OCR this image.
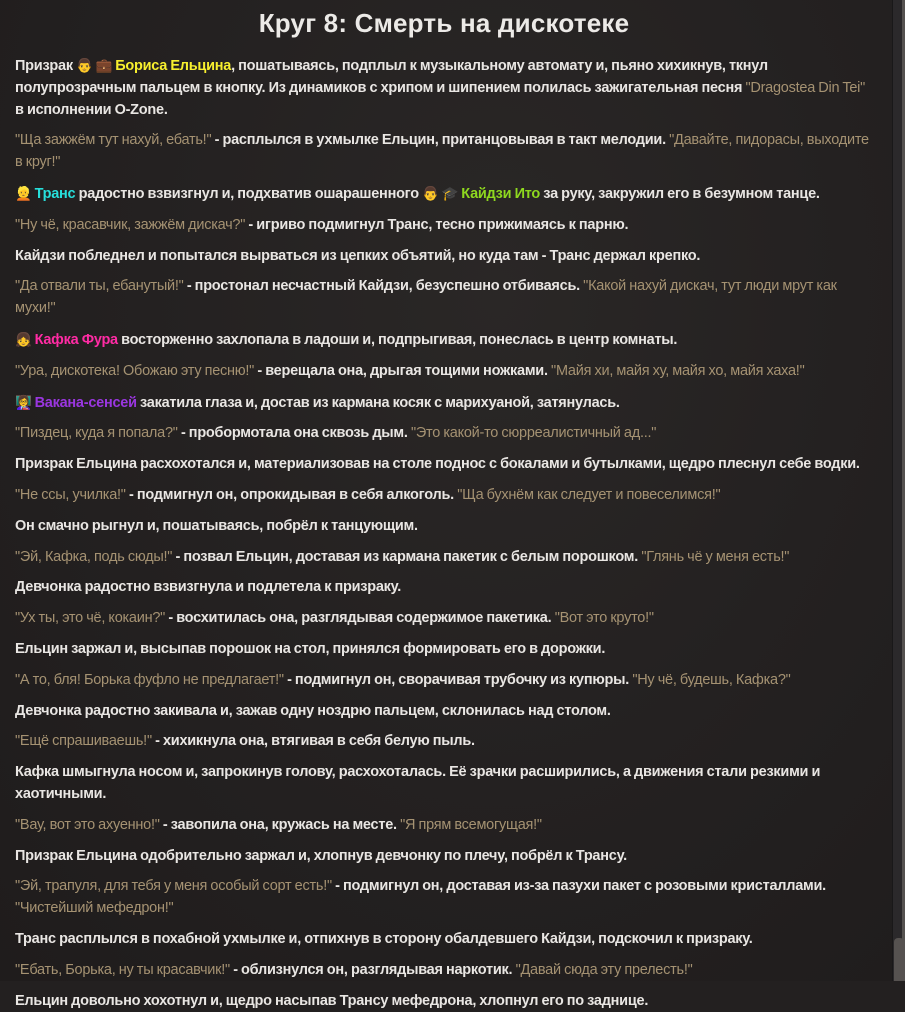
Круг 8: Смерть на дискотеке

Призрак 👨 💼 Бориса Ельцина, пошатываясь, подплыл к музыкальному автомату и, пьяно хихикнув, ткнул полупрозрачным пальцем в кнопку. Из динамиков с хрипом и шипением полилась зажигательная песня "Dragostea Din Tei" в исполнении O-Zone.

"Ща зажжём тут нахуй, ебать!" - расплылся в ухмылке Ельцин, пританцовывая в такт мелодии. "Давайте, пидорасы, выходите в круг!"

👱 Транс радостно взвизгнул и, подхватив ошарашенного 👨 🎓 Кайдзи Ито за руку, закружил его в безумном танце.

"Ну чё, красавчик, зажжём дискач?" - игриво подмигнул Транс, тесно прижимаясь к парню.

Кайдзи побледнел и попытался вырваться из цепких объятий, но куда там - Транс держал крепко.

"Да отвали ты, ебанутый!" - простонал несчастный Кайдзи, безуспешно отбиваясь. "Какой нахуй дискач, тут люди мрут как мухи!"

👧 Кафка Фура восторженно захлопала в ладоши и, подпрыгивая, понеслась в центр комнаты.

"Ура, дискотека! Обожаю эту песню!" - верещала она, дрыгая тощими ножками. "Майя хи, майя ху, майя хо, майя хаха!"

👩‍🏫 Вакана-сенсей закатила глаза и, достав из кармана косяк с марихуаной, затянулась.

"Пиздец, куда я попала?" - пробормотала она сквозь дым. "Это какой-то сюрреалистичный ад..."

Призрак Ельцина расхохотался и, материализовав на столе поднос с бокалами и бутылками, щедро плеснул себе водки.

"Не ссы, училка!" - подмигнул он, опрокидывая в себя алкоголь. "Ща бухнём как следует и повеселимся!"

Он смачно рыгнул и, пошатываясь, побрёл к танцующим.

"Эй, Кафка, подь сюды!" - позвал Ельцин, доставая из кармана пакетик с белым порошком. "Глянь чё у меня есть!"

Девчонка радостно взвизгнула и подлетела к призраку.

"Ух ты, это чё, кокаин?" - восхитилась она, разглядывая содержимое пакетика. "Вот это круто!"

Ельцин заржал и, высыпав порошок на стол, принялся формировать его в дорожки.

"А то, бля! Борька фуфло не предлагает!" - подмигнул он, сворачивая трубочку из купюры. "Ну чё, будешь, Кафка?"

Девчонка радостно закивала и, зажав одну ноздрю пальцем, склонилась над столом.

"Ещё спрашиваешь!" - хихикнула она, втягивая в себя белую пыль.

Кафка шмыгнула носом и, запрокинув голову, расхохоталась. Её зрачки расширились, а движения стали резкими и хаотичными.

"Вау, вот это ахуенно!" - завопила она, кружась на месте. "Я прям всемогущая!"

Призрак Ельцина одобрительно заржал и, хлопнув девчонку по плечу, побрёл к Трансу.

"Эй, трапуля, для тебя у меня особый сорт есть!" - подмигнул он, доставая из-за пазухи пакет с розовыми кристаллами. "Чистейший мефедрон!"

Транс расплылся в похабной ухмылке и, отпихнув в сторону обалдевшего Кайдзи, подскочил к призраку.

"Ебать, Борька, ну ты красавчик!" - облизнулся он, разглядывая наркотик. "Давай сюда эту прелесть!"

Ельцин довольно хохотнул и, щедро насыпав Трансу мефедрона, хлопнул его по заднице.
